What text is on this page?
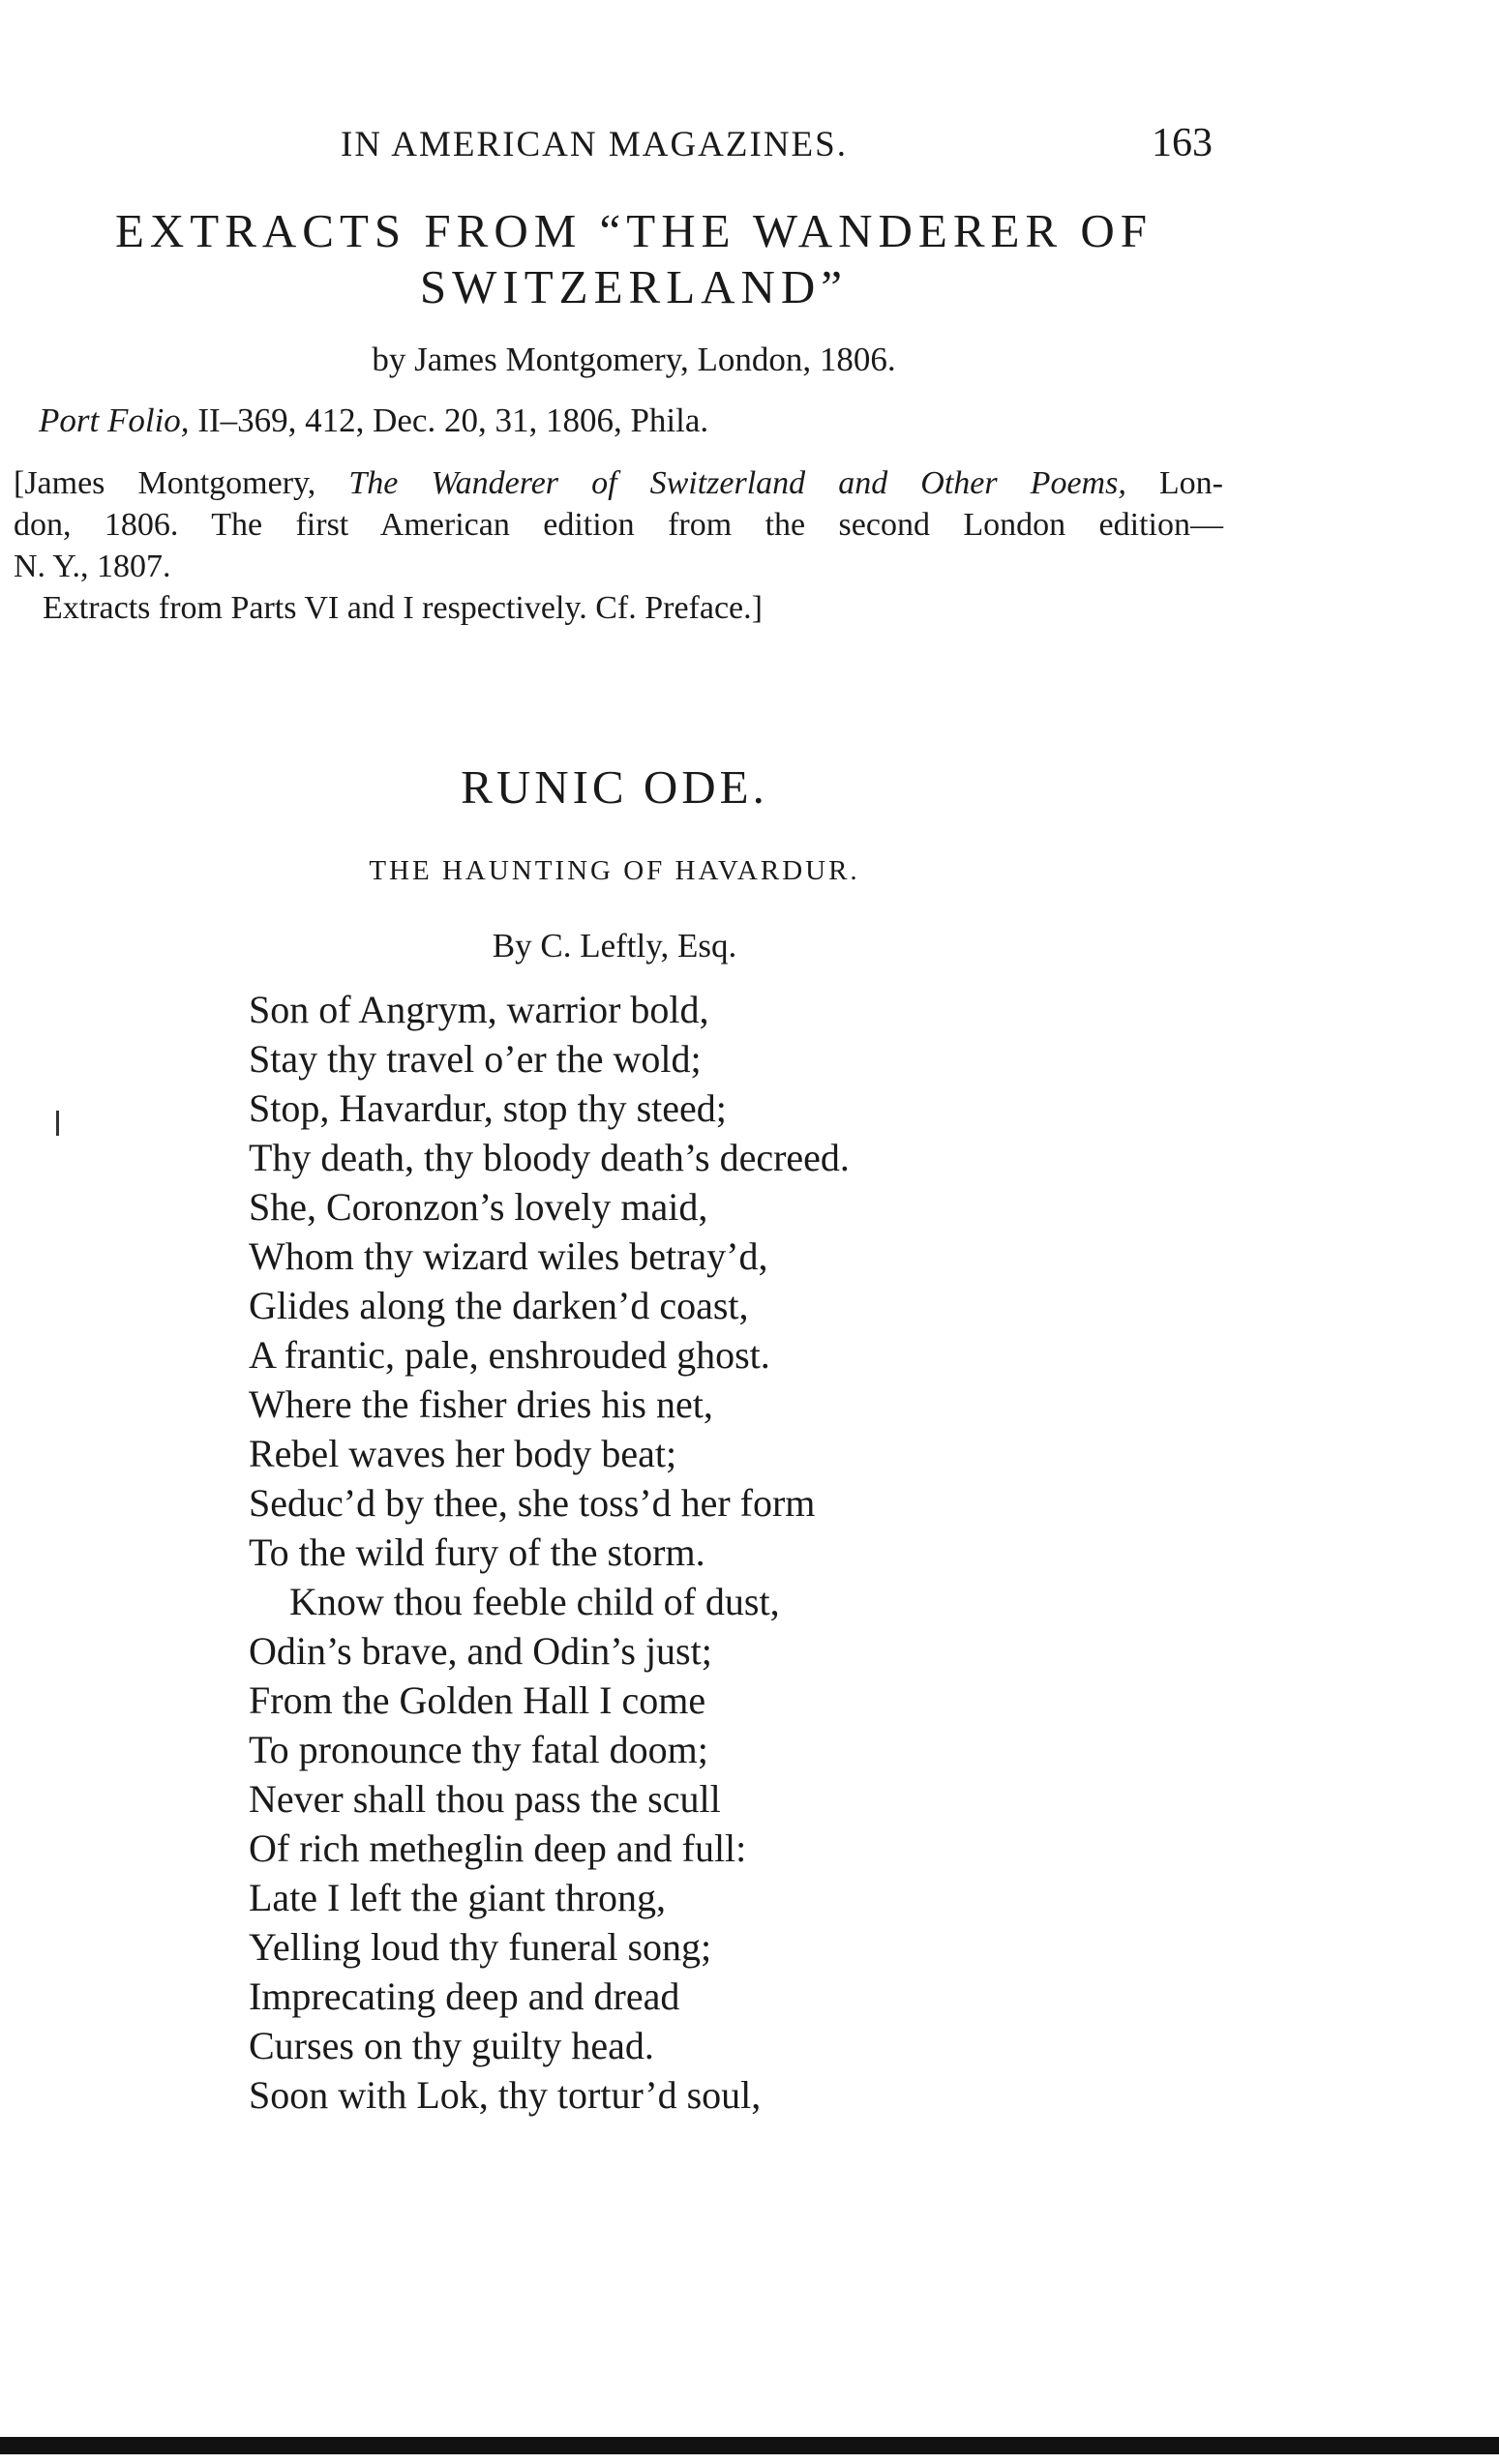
IN AMERICAN MAGAZINES.	163
EXTRACTS FROM “THE WANDERER OF
SWITZERLAND”
by James Montgomery, London, 1806.
Port Folio, II–369, 412, Dec. 20, 31, 1806, Phila.

[James Montgomery, The Wanderer of Switzerland and Other Poems, Lon-

don, 1806. The first American edition from the second London edition—

N. Y., 1807.

Extracts from Parts VI and I respectively. Cf. Preface.]

RUNIC ODE.
THE HAUNTING OF HAVARDUR.
By C. Leftly, Esq.
Son of Angrym, warrior bold,
Stay thy travel o’er the wold;
Stop, Havardur, stop thy steed;
Thy death, thy bloody death’s decreed.
She, Coronzon’s lovely maid,
Whom thy wizard wiles betray’d,
Glides along the darken’d coast,
A frantic, pale, enshrouded ghost.
Where the fisher dries his net,
Rebel waves her body beat;
Seduc’d by thee, she toss’d her form
To the wild fury of the storm.
Know thou feeble child of dust,
Odin’s brave, and Odin’s just;
From the Golden Hall I come
To pronounce thy fatal doom;
Never shall thou pass the scull
Of rich metheglin deep and full:
Late I left the giant throng,
Yelling loud thy funeral song;
Imprecating deep and dread
Curses on thy guilty head.
Soon with Lok, thy tortur’d soul,
